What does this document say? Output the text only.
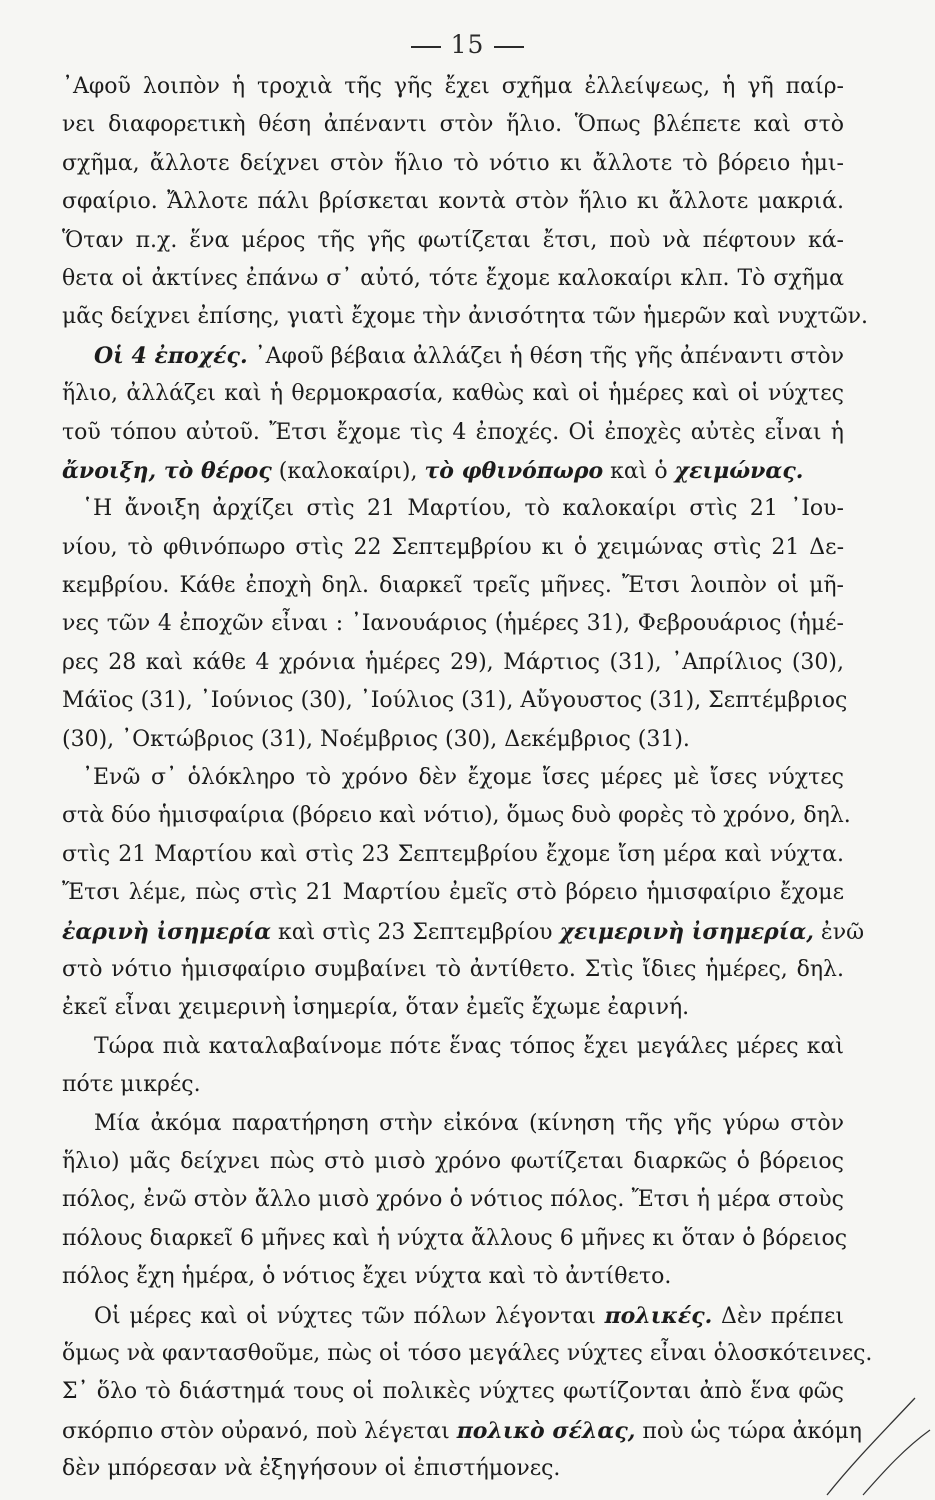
15
᾿Αφοῦ λοιπὸν ἡ τροχιὰ τῆς γῆς ἔχει σχῆμα ἐλλείψεως, ἡ γῆ παίρ-
νει διαφορετικὴ θέση ἀπέναντι στὸν ἥλιο. Ὅπως βλέπετε καὶ στὸ
σχῆμα, ἄλλοτε δείχνει στὸν ἥλιο τὸ νότιο κι ἄλλοτε τὸ βόρειο ἡμι-
σφαίριο. Ἄλλοτε πάλι βρίσκεται κοντὰ στὸν ἥλιο κι ἄλλοτε μακριά.
Ὅταν π.χ. ἕνα μέρος τῆς γῆς φωτίζεται ἔτσι, ποὺ νὰ πέφτουν κά-
θετα οἱ ἀκτίνες ἐπάνω σ᾿ αὐτό, τότε ἔχομε καλοκαίρι κλπ. Τὸ σχῆμα
μᾶς δείχνει ἐπίσης, γιατὶ ἔχομε τὴν ἀνισότητα τῶν ἡμερῶν καὶ νυχτῶν.
Οἱ 4 ἐποχές. ᾿Αφοῦ βέβαια ἀλλάζει ἡ θέση τῆς γῆς ἀπέναντι στὸν
ἥλιο, ἀλλάζει καὶ ἡ θερμοκρασία, καθὼς καὶ οἱ ἡμέρες καὶ οἱ νύχτες
τοῦ τόπου αὐτοῦ. Ἔτσι ἔχομε τὶς 4 ἐποχές. Οἱ ἐποχὲς αὐτὲς εἶναι ἡ
ἄνοιξη, τὸ θέρος (καλοκαίρι), τὸ φθινόπωρο καὶ ὁ χειμώνας.
῾Η ἄνοιξη ἀρχίζει στὶς 21 Μαρτίου, τὸ καλοκαίρι στὶς 21 ᾿Ιου-
νίου, τὸ φθινόπωρο στὶς 22 Σεπτεμβρίου κι ὁ χειμώνας στὶς 21 Δε-
κεμβρίου. Κάθε ἐποχὴ δηλ. διαρκεῖ τρεῖς μῆνες. Ἔτσι λοιπὸν οἱ μῆ-
νες τῶν 4 ἐποχῶν εἶναι : ᾿Ιανουάριος (ἡμέρες 31), Φεβρουάριος (ἡμέ-
ρες 28 καὶ κάθε 4 χρόνια ἡμέρες 29), Μάρτιος (31), ᾿Απρίλιος (30),
Μάϊος (31), ᾿Ιούνιος (30), ᾿Ιούλιος (31), Αὔγουστος (31), Σεπτέμβριος
(30), ᾿Οκτώβριος (31), Νοέμβριος (30), Δεκέμβριος (31).
᾿Ενῶ σ᾿ ὁλόκληρο τὸ χρόνο δὲν ἔχομε ἴσες μέρες μὲ ἴσες νύχτες
στὰ δύο ἡμισφαίρια (βόρειο καὶ νότιο), ὅμως δυὸ φορὲς τὸ χρόνο, δηλ.
στὶς 21 Μαρτίου καὶ στὶς 23 Σεπτεμβρίου ἔχομε ἴση μέρα καὶ νύχτα.
Ἔτσι λέμε, πὼς στὶς 21 Μαρτίου ἐμεῖς στὸ βόρειο ἡμισφαίριο ἔχομε
ἐαρινὴ ἰσημερία καὶ στὶς 23 Σεπτεμβρίου χειμερινὴ ἰσημερία, ἐνῶ
στὸ νότιο ἡμισφαίριο συμβαίνει τὸ ἀντίθετο. Στὶς ἴδιες ἡμέρες, δηλ.
ἐκεῖ εἶναι χειμερινὴ ἰσημερία, ὅταν ἐμεῖς ἔχωμε ἐαρινή.
Τώρα πιὰ καταλαβαίνομε πότε ἕνας τόπος ἔχει μεγάλες μέρες καὶ
πότε μικρές.
Μία ἀκόμα παρατήρηση στὴν εἰκόνα (κίνηση τῆς γῆς γύρω στὸν
ἥλιο) μᾶς δείχνει πὼς στὸ μισὸ χρόνο φωτίζεται διαρκῶς ὁ βόρειος
πόλος, ἐνῶ στὸν ἄλλο μισὸ χρόνο ὁ νότιος πόλος. Ἔτσι ἡ μέρα στοὺς
πόλους διαρκεῖ 6 μῆνες καὶ ἡ νύχτα ἄλλους 6 μῆνες κι ὅταν ὁ βόρειος
πόλος ἔχη ἡμέρα, ὁ νότιος ἔχει νύχτα καὶ τὸ ἀντίθετο.
Οἱ μέρες καὶ οἱ νύχτες τῶν πόλων λέγονται πολικές. Δὲν πρέπει
ὅμως νὰ φαντασθοῦμε, πὼς οἱ τόσο μεγάλες νύχτες εἶναι ὁλοσκότεινες.
Σ᾿ ὅλο τὸ διάστημά τους οἱ πολικὲς νύχτες φωτίζονται ἀπὸ ἕνα φῶς
σκόρπιο στὸν οὐρανό, ποὺ λέγεται πολικὸ σέλας, ποὺ ὡς τώρα ἀκόμη
δὲν μπόρεσαν νὰ ἐξηγήσουν οἱ ἐπιστήμονες.
